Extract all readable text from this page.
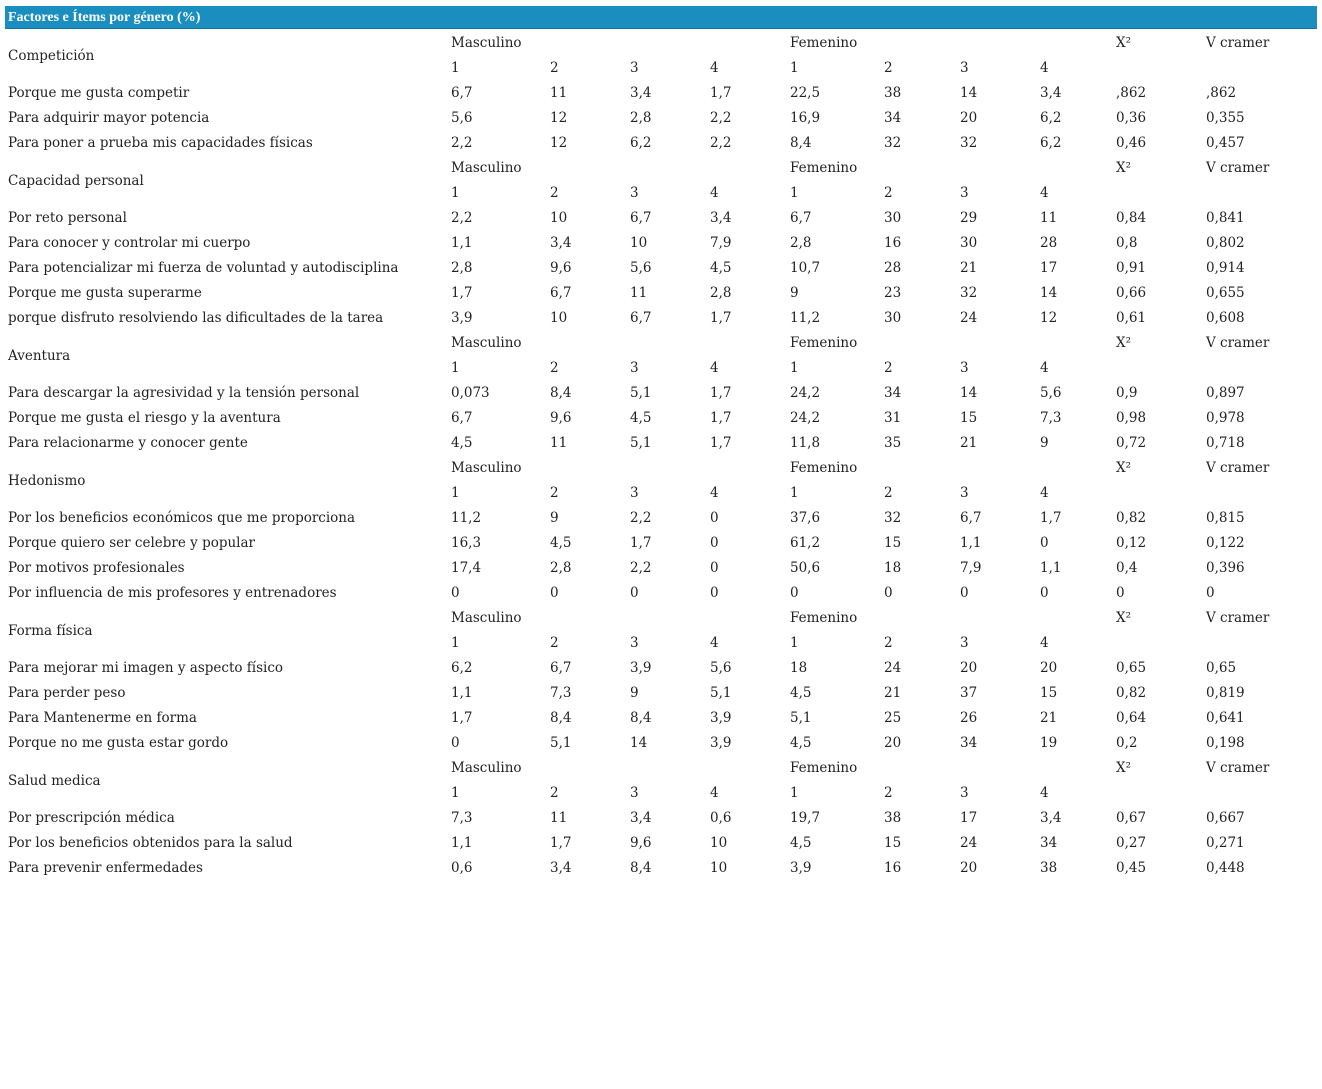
Factores e Ítems por género (%)
Competición	Masculino				Femenino				X²	V cramer
	1	2	3	4	1	2	3	4		
Porque me gusta competir	6,7	11	3,4	1,7	22,5	38	14	3,4	,862	,862
Para adquirir mayor potencia	5,6	12	2,8	2,2	16,9	34	20	6,2	0,36	0,355
Para poner a prueba mis capacidades físicas	2,2	12	6,2	2,2	8,4	32	32	6,2	0,46	0,457
Capacidad personal	Masculino				Femenino				X²	V cramer
	1	2	3	4	1	2	3	4		
Por reto personal	2,2	10	6,7	3,4	6,7	30	29	11	0,84	0,841
Para conocer y controlar mi cuerpo	1,1	3,4	10	7,9	2,8	16	30	28	0,8	0,802
Para potencializar mi fuerza de voluntad y autodisciplina	2,8	9,6	5,6	4,5	10,7	28	21	17	0,91	0,914
Porque me gusta superarme	1,7	6,7	11	2,8	9	23	32	14	0,66	0,655
porque disfruto resolviendo las dificultades de la tarea	3,9	10	6,7	1,7	11,2	30	24	12	0,61	0,608
Aventura	Masculino				Femenino				X²	V cramer
	1	2	3	4	1	2	3	4		
Para descargar la agresividad y la tensión personal	0,073	8,4	5,1	1,7	24,2	34	14	5,6	0,9	0,897
Porque me gusta el riesgo y la aventura	6,7	9,6	4,5	1,7	24,2	31	15	7,3	0,98	0,978
Para relacionarme y conocer gente	4,5	11	5,1	1,7	11,8	35	21	9	0,72	0,718
Hedonismo	Masculino				Femenino				X²	V cramer
	1	2	3	4	1	2	3	4		
Por los beneficios económicos que me proporciona	11,2	9	2,2	0	37,6	32	6,7	1,7	0,82	0,815
Porque quiero ser celebre y popular	16,3	4,5	1,7	0	61,2	15	1,1	0	0,12	0,122
Por motivos profesionales	17,4	2,8	2,2	0	50,6	18	7,9	1,1	0,4	0,396
Por influencia de mis profesores y entrenadores	0	0	0	0	0	0	0	0	0	0
Forma física	Masculino				Femenino				X²	V cramer
	1	2	3	4	1	2	3	4		
Para mejorar mi imagen y aspecto físico	6,2	6,7	3,9	5,6	18	24	20	20	0,65	0,65
Para perder peso	1,1	7,3	9	5,1	4,5	21	37	15	0,82	0,819
Para Mantenerme en forma	1,7	8,4	8,4	3,9	5,1	25	26	21	0,64	0,641
Porque no me gusta estar gordo	0	5,1	14	3,9	4,5	20	34	19	0,2	0,198
Salud medica	Masculino				Femenino				X²	V cramer
	1	2	3	4	1	2	3	4		
Por prescripción médica	7,3	11	3,4	0,6	19,7	38	17	3,4	0,67	0,667
Por los beneficios obtenidos para la salud	1,1	1,7	9,6	10	4,5	15	24	34	0,27	0,271
Para prevenir enfermedades	0,6	3,4	8,4	10	3,9	16	20	38	0,45	0,448
